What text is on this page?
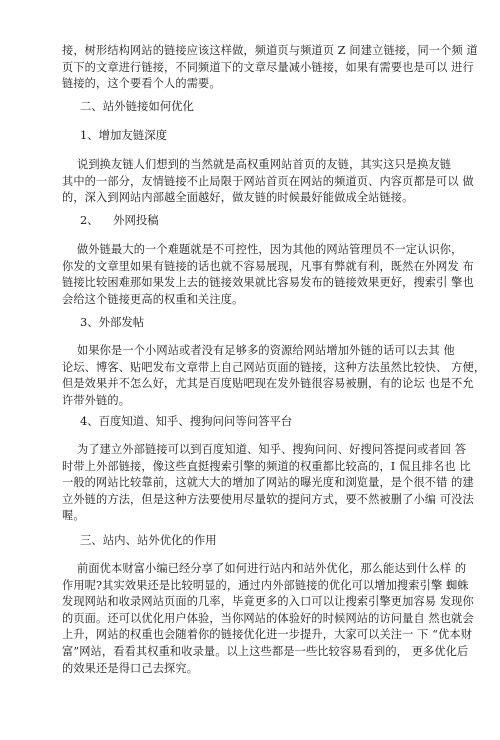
接，树形结构网站的链接应该这样做，频道页与频道页 Z 间建立链接，同一个频 道
页下的文章进行链接，不同频道下的文章尽量减小链接，如果有需要也是可以 进行
链接的，这个要看个人的需要。
二、站外链接如何优化
1、增加友链深度
说到换友链人们想到的当然就是高权重网站首页的友链，其实这只是换友链
其中的一部分，友情链接不止局限于网站首页在网站的频道页、内容页都是可以 做
的，深入到网站内部越全面越好，做友链的时候最好能做成全站链接。
2、    外网投稿
做外链最大的一个难题就是不可控性，因为其他的网站管理员不一定认识你，
你发的文章里如果有链接的话也就不容易展现，凡事有弊就有利，既然在外网发 布
链接比较困难那如果发上去的链接效果就比容易发布的链接效果更好，搜索引 擎也
会给这个链接更高的权重和关注度。
3、外部发帖
如果你是一个小网站或者没有足够多的资源给网站增加外链的话可以去其 他
论坛、博客、贴吧发布文章带上自己网站页面的链接，这种方法虽然比较快、 方便，
但是效果并不怎么好，尤其是百度贴吧现在发外链很容易被删，有的论坛 也是不允
许带外链的。
4、百度知道、知乎、搜狗问问等问答平台
为了建立外部链接可以到百度知道、知乎、搜狗问问、好搜问答提问或者回 答
时带上外部链接，像这些直挺搜索引擎的频道的权重都比较高的，I 侃且排名也 比
一般的网站比较靠前，这就大大的增加了网站的曝光度和浏览量，是个很不错 的建
立外链的方法，但是这种方法要使用尽量软的提问方式，要不然被删了小编 可没法
喔。
三、站内、站外优化的作用
前面优本财富小编已经分享了如何进行站内和站外优化，那么能达到什么样 的
作用呢?其实效果还是比较明显的，通过内外部链接的优化可以增加搜索引擎 蜘蛛
发现网站和收录网站页面的几率，毕竟更多的入口可以让搜索引擎更加容易 发现你
的页面。还可以优化用户体验，当你网站的体验好的时候网站的访问量自 然也就会
上升，网站的权重也会随着你的链接优化进一步提升，大家可以关注一 下 “优本财
富”网站，看看其权重和收录量。以上这些都是一些比较容易看到的， 更多优化后
的效果还是得口己去探究。
